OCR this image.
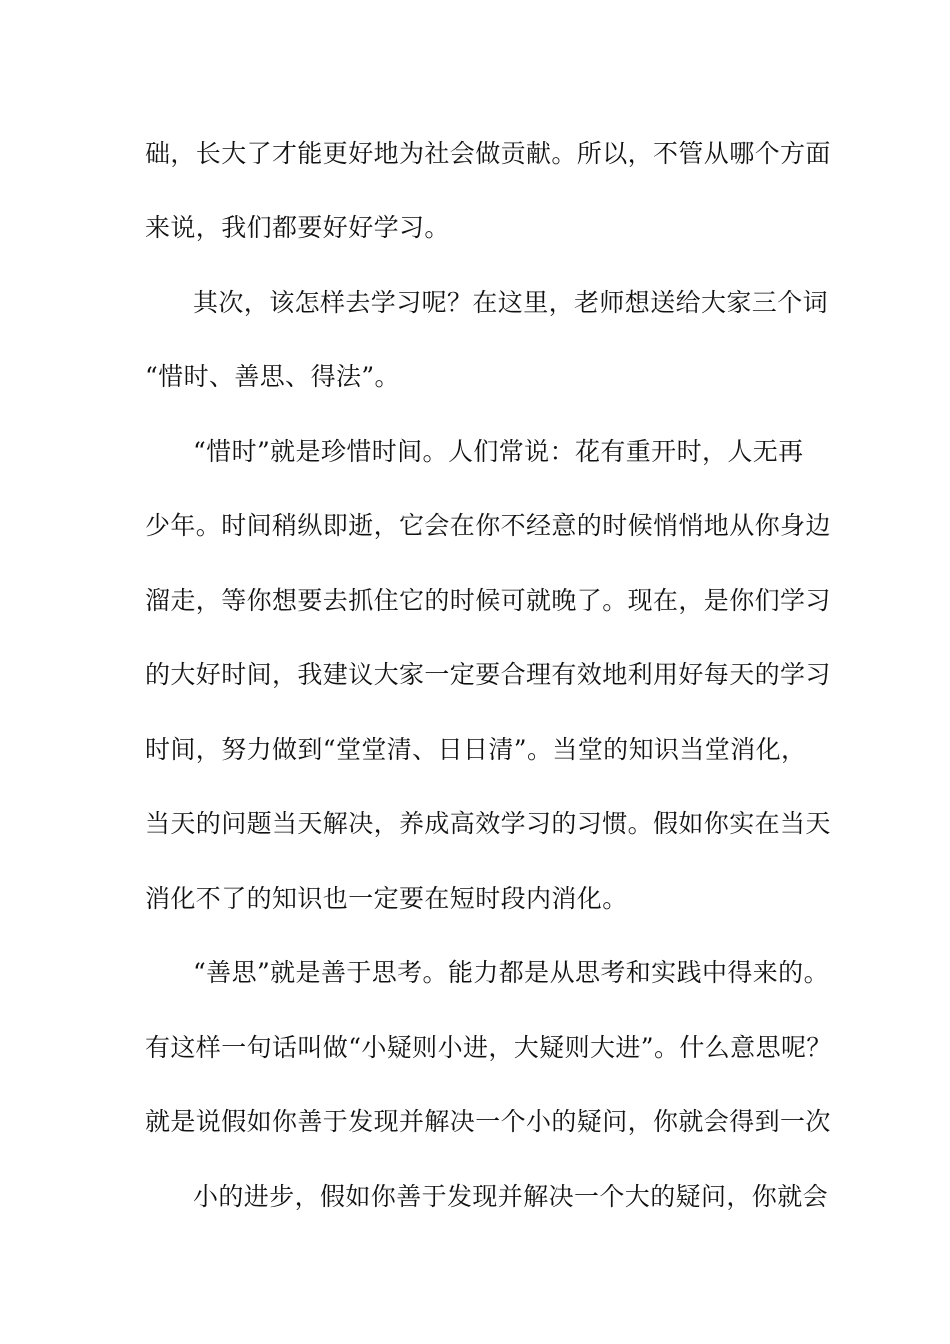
础，长大了才能更好地为社会做贡献。所以，不管从哪个方面
来说，我们都要好好学习。
其次，该怎样去学习呢？在这里，老师想送给大家三个词
“惜时、善思、得法”。
“惜时”就是珍惜时间。人们常说：花有重开时，人无再
少年。时间稍纵即逝，它会在你不经意的时候悄悄地从你身边
溜走，等你想要去抓住它的时候可就晚了。现在，是你们学习
的大好时间，我建议大家一定要合理有效地利用好每天的学习
时间，努力做到“堂堂清、日日清”。当堂的知识当堂消化，
当天的问题当天解决，养成高效学习的习惯。假如你实在当天
消化不了的知识也一定要在短时段内消化。
“善思”就是善于思考。能力都是从思考和实践中得来的。
有这样一句话叫做“小疑则小进，大疑则大进”。什么意思呢？
就是说假如你善于发现并解决一个小的疑问，你就会得到一次
小的进步，假如你善于发现并解决一个大的疑问，你就会
